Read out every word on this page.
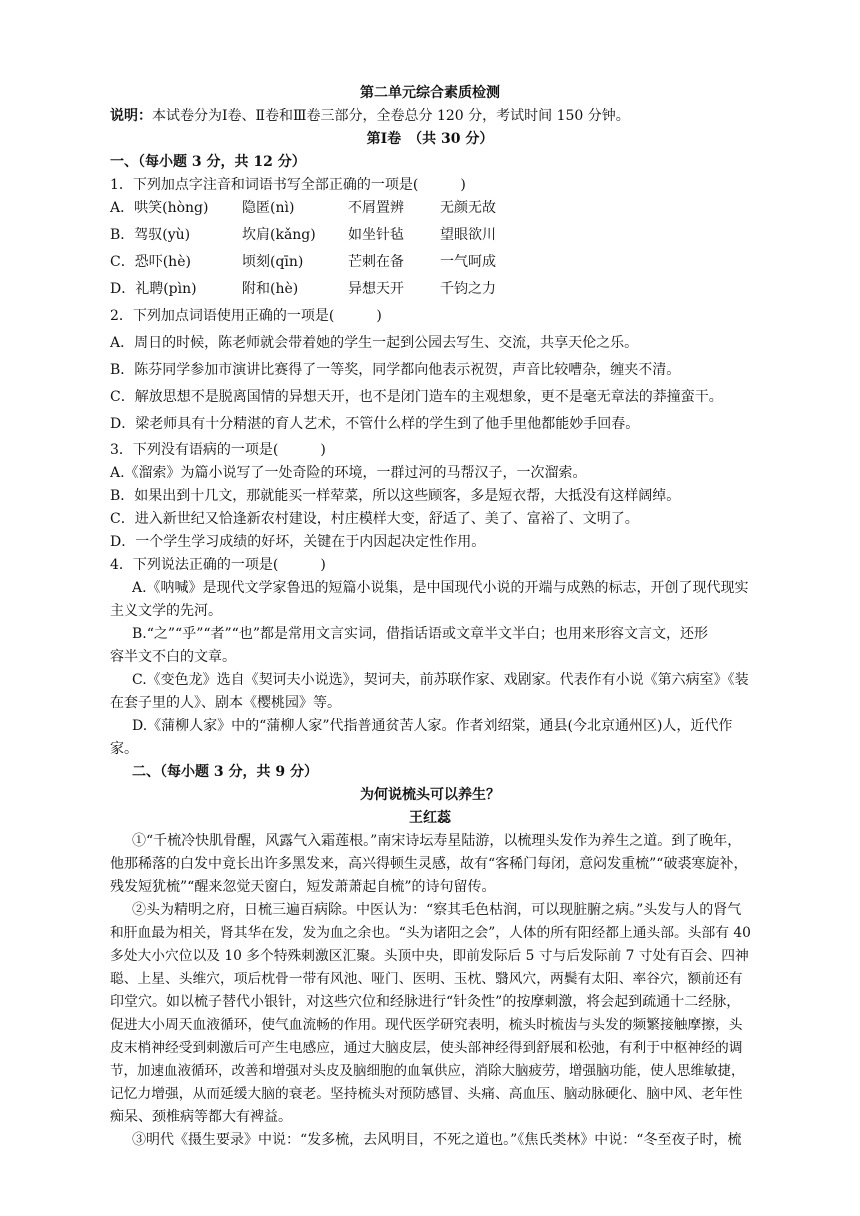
第二单元综合素质检测
说明：本试卷分为Ⅰ卷、Ⅱ卷和Ⅲ卷三部分，全卷总分 120 分，考试时间 150 分钟。
第Ⅰ卷　（共 30 分）
一、（每小题 3 分，共 12 分）
1．下列加点字注音和词语书写全部正确的一项是(　　　)
A．哄笑(hòng) 隐匿(nì)	不屑置辨	无颜无故
B．驾驭(yù)	坎肩(kǎng) 如坐针毡	望眼欲川
C．恐吓(hè)	顷刻(qīn)	芒刺在备	一气呵成
D．礼聘(pìn)	附和(hè)	异想天开	千钧之力
2．下列加点词语使用正确的一项是(　　　)
A．周日的时候，陈老师就会带着她的学生一起到公园去写生、交流，共享天伦之乐。
B．陈芬同学参加市演讲比赛得了一等奖，同学都向他表示祝贺，声音比较嘈杂，缠夹不清。
C．解放思想不是脱离国情的异想天开，也不是闭门造车的主观想象，更不是毫无章法的莽撞蛮干。
D．梁老师具有十分精湛的育人艺术，不管什么样的学生到了他手里他都能妙手回春。
3．下列没有语病的一项是(　　　)
A.《溜索》为篇小说写了一处奇险的环境，一群过河的马帮汉子，一次溜索。
B．如果出到十几文，那就能买一样荤菜，所以这些顾客，多是短衣帮，大抵没有这样阔绰。
C．进入新世纪又恰逢新农村建设，村庄模样大变，舒适了、美了、富裕了、文明了。
D．一个学生学习成绩的好坏，关键在于内因起决定性作用。
4．下列说法正确的一项是(　　　)
A.《呐喊》是现代文学家鲁迅的短篇小说集，是中国现代小说的开端与成熟的标志，开创了现代现实
主义文学的先河。
B.“之”“乎”“者”“也”都是常用文言实词，借指话语或文章半文半白；也用来形容文言文，还形
容半文不白的文章。
C.《变色龙》选自《契诃夫小说选》，契诃夫，前苏联作家、戏剧家。代表作有小说《第六病室》《装
在套子里的人》、剧本《樱桃园》等。
D.《蒲柳人家》中的“蒲柳人家”代指普通贫苦人家。作者刘绍棠，通县(今北京通州区)人，近代作
家。
二、（每小题 3 分，共 9 分）
为何说梳头可以养生？
王红蕊
①“千梳冷快肌骨醒，风露气入霜莲根。”南宋诗坛寿星陆游，以梳理头发作为养生之道。到了晚年，
他那稀落的白发中竟长出许多黑发来，高兴得顿生灵感，故有“客稀门每闭，意闷发重梳”“破裘寒旋补，
残发短犹梳”“醒来忽觉天窗白，短发萧萧起自梳”的诗句留传。
②头为精明之府，日梳三遍百病除。中医认为：“察其毛色枯润，可以现脏腑之病。”头发与人的肾气
和肝血最为相关，肾其华在发，发为血之余也。“头为诸阳之会”，人体的所有阳经都上通头部。头部有 40
多处大小穴位以及 10 多个特殊刺激区汇聚。头顶中央，即前发际后 5 寸与后发际前 7 寸处有百会、四神
聪、上星、头维穴，项后枕骨一带有风池、哑门、医明、玉枕、翳风穴，两鬓有太阳、率谷穴，额前还有
印堂穴。如以梳子替代小银针，对这些穴位和经脉进行“针灸性”的按摩刺激，将会起到疏通十二经脉，
促进大小周天血液循环，使气血流畅的作用。现代医学研究表明，梳头时梳齿与头发的频繁接触摩擦，头
皮末梢神经受到刺激后可产生电感应，通过大脑皮层，使头部神经得到舒展和松弛，有利于中枢神经的调
节，加速血液循环，改善和增强对头皮及脑细胞的血氧供应，消除大脑疲劳，增强脑功能，使人思维敏捷，
记忆力增强，从而延缓大脑的衰老。坚持梳头对预防感冒、头痛、高血压、脑动脉硬化、脑中风、老年性
痴呆、颈椎病等都大有裨益。
③明代《摄生要录》中说：“发多梳，去风明目，不死之道也。”《焦氏类林》中说：“冬至夜子时，梳
